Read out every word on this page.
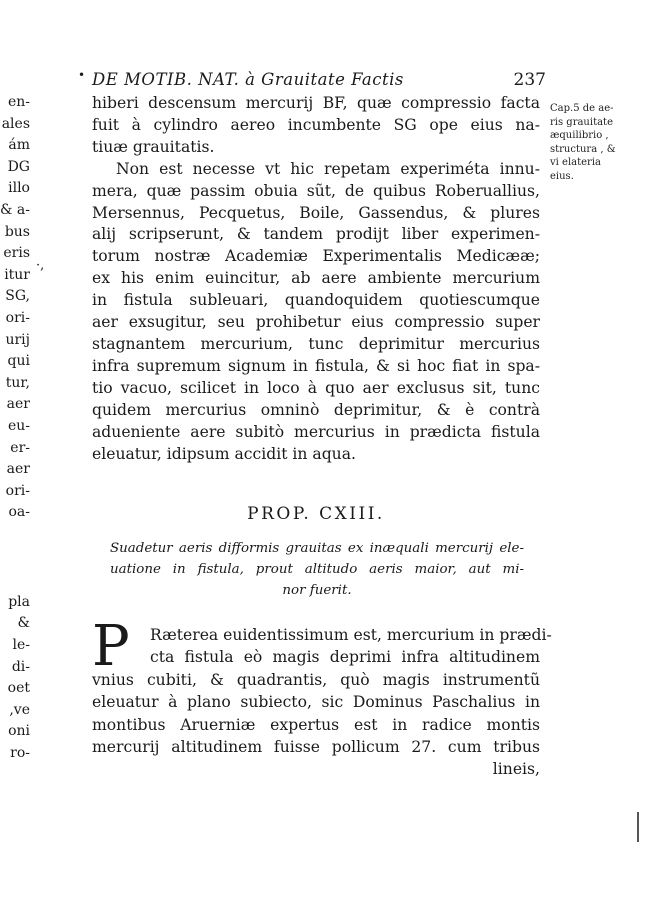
•
en-
ales
ám
DG
illo
& a-
bus
eris
itur
SG,
ori-
urij
qui
tur,
aer
eu-
er-
aer
ori-
oa-
pla
&
le-
di-
oet
,ve
oni
ro-
·,
DE MOTIB. NAT. à Grauitate Factis	237
Cap.5 de ae-
ris grauitate
æquilibrio ,
structura , &
vi elateria
eius.
hiberi descensum mercurij BF, quæ compressio facta
fuit à cylindro aereo incumbente SG ope eius na-
tiuæ grauitatis.
Non est necesse vt hic repetam experiméta innu-
mera, quæ passim obuia sũt, de quibus Roberuallius,
Mersennus, Pecquetus, Boile, Gassendus, & plures
alij scripserunt, & tandem prodijt liber experimen-
torum nostræ Academiæ Experimentalis Medicææ;
ex his enim euincitur, ab aere ambiente mercurium
in fistula subleuari, quandoquidem quotiescumque
aer exsugitur, seu prohibetur eius compressio super
stagnantem mercurium, tunc deprimitur mercurius
infra supremum signum in fistula, & si hoc fiat in spa-
tio vacuo, scilicet in loco à quo aer exclusus sit, tunc
quidem mercurius omninò deprimitur, & è contrà
adueniente aere subitò mercurius in prædicta fistula
eleuatur, idipsum accidit in aqua.
PROP. CXIII.
Suadetur aeris difformis grauitas ex inæquali mercurij ele-
uatione in fistula, prout altitudo aeris maior, aut mi-
nor fuerit.
P	Ræterea euidentissimum est, mercurium in prædi-
cta fistula eò magis deprimi infra altitudinem
vnius cubiti, & quadrantis, quò magis instrumentũ
eleuatur à plano subiecto, sic Dominus Paschalius in
montibus Aruerniæ expertus est in radice montis
mercurij altitudinem fuisse pollicum 27. cum tribus
lineis,
